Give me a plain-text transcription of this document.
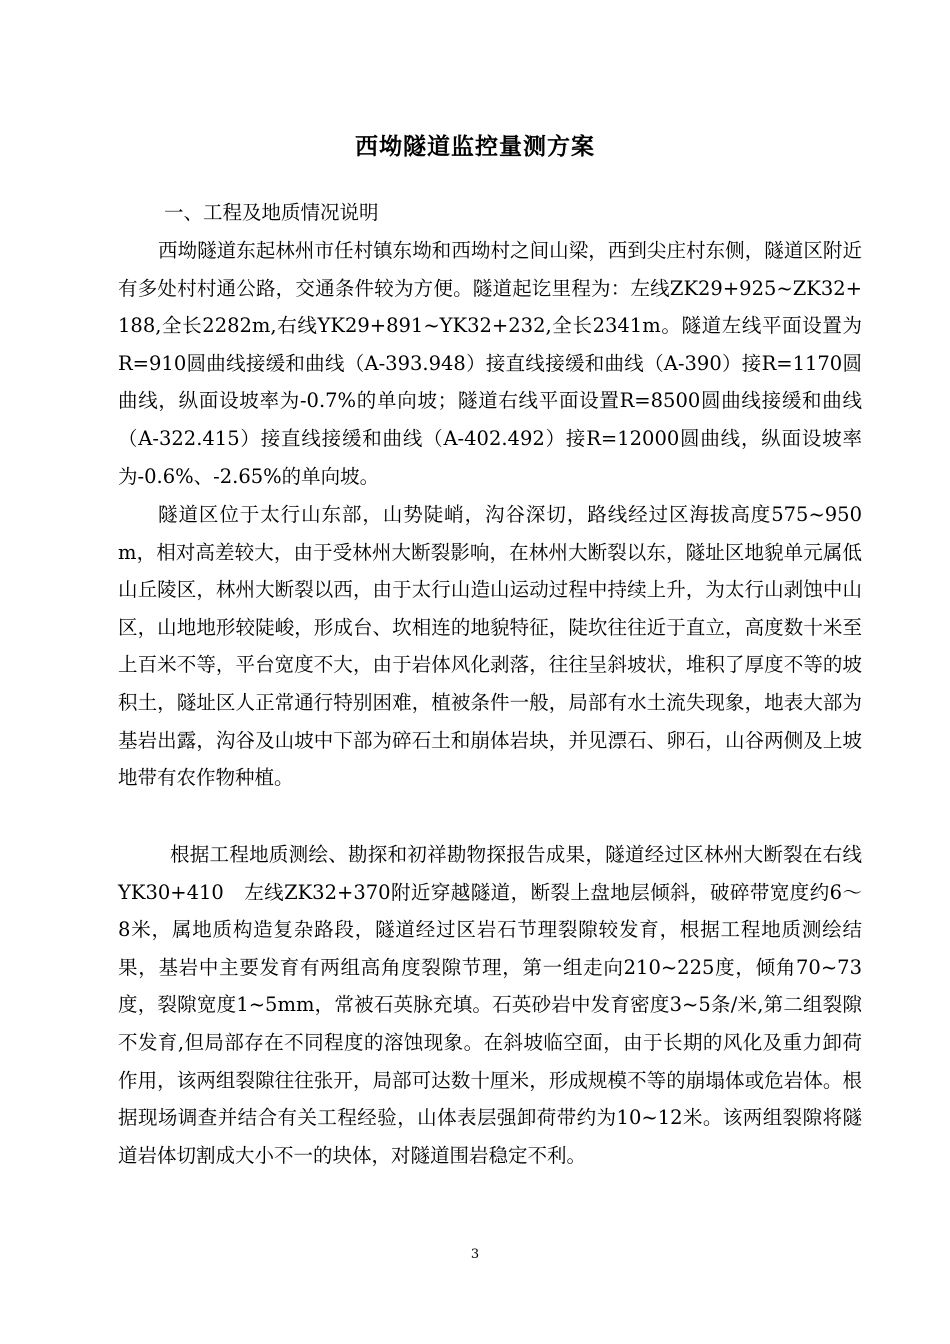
西坳隧道监控量测方案
一、工程及地质情况说明

西坳隧道东起林州市任村镇东坳和西坳村之间山梁，西到尖庄村东侧，隧道区附近有多处村村通公路，交通条件较为方便。隧道起讫里程为：左线ZK29+925~ZK32+188,全长2282m,右线YK29+891~YK32+232,全长2341m。隧道左线平面设置为R=910圆曲线接缓和曲线（A-393.948）接直线接缓和曲线（A-390）接R=1170圆曲线，纵面设坡率为-0.7%的单向坡；隧道右线平面设置R=8500圆曲线接缓和曲线（A-322.415）接直线接缓和曲线（A-402.492）接R=12000圆曲线，纵面设坡率为-0.6%、-2.65%的单向坡。

隧道区位于太行山东部，山势陡峭，沟谷深切，路线经过区海拔高度575~950m，相对高差较大，由于受林州大断裂影响，在林州大断裂以东，隧址区地貌单元属低山丘陵区，林州大断裂以西，由于太行山造山运动过程中持续上升，为太行山剥蚀中山区，山地地形较陡峻，形成台、坎相连的地貌特征，陡坎往往近于直立，高度数十米至上百米不等，平台宽度不大，由于岩体风化剥落，往往呈斜坡状，堆积了厚度不等的坡积土，隧址区人正常通行特别困难，植被条件一般，局部有水土流失现象，地表大部为基岩出露，沟谷及山坡中下部为碎石土和崩体岩块，并见漂石、卵石，山谷两侧及上坡地带有农作物种植。

根据工程地质测绘、勘探和初祥勘物探报告成果，隧道经过区林州大断裂在右线YK30+410　左线ZK32+370附近穿越隧道，断裂上盘地层倾斜，破碎带宽度约6～8米，属地质构造复杂路段，隧道经过区岩石节理裂隙较发育，根据工程地质测绘结果，基岩中主要发育有两组高角度裂隙节理，第一组走向210~225度，倾角70~73度，裂隙宽度1~5mm，常被石英脉充填。石英砂岩中发育密度3~5条/米,第二组裂隙不发育,但局部存在不同程度的溶蚀现象。在斜坡临空面，由于长期的风化及重力卸荷作用，该两组裂隙往往张开，局部可达数十厘米，形成规模不等的崩塌体或危岩体。根据现场调查并结合有关工程经验，山体表层强卸荷带约为10~12米。该两组裂隙将隧道岩体切割成大小不一的块体，对隧道围岩稳定不利。

3
